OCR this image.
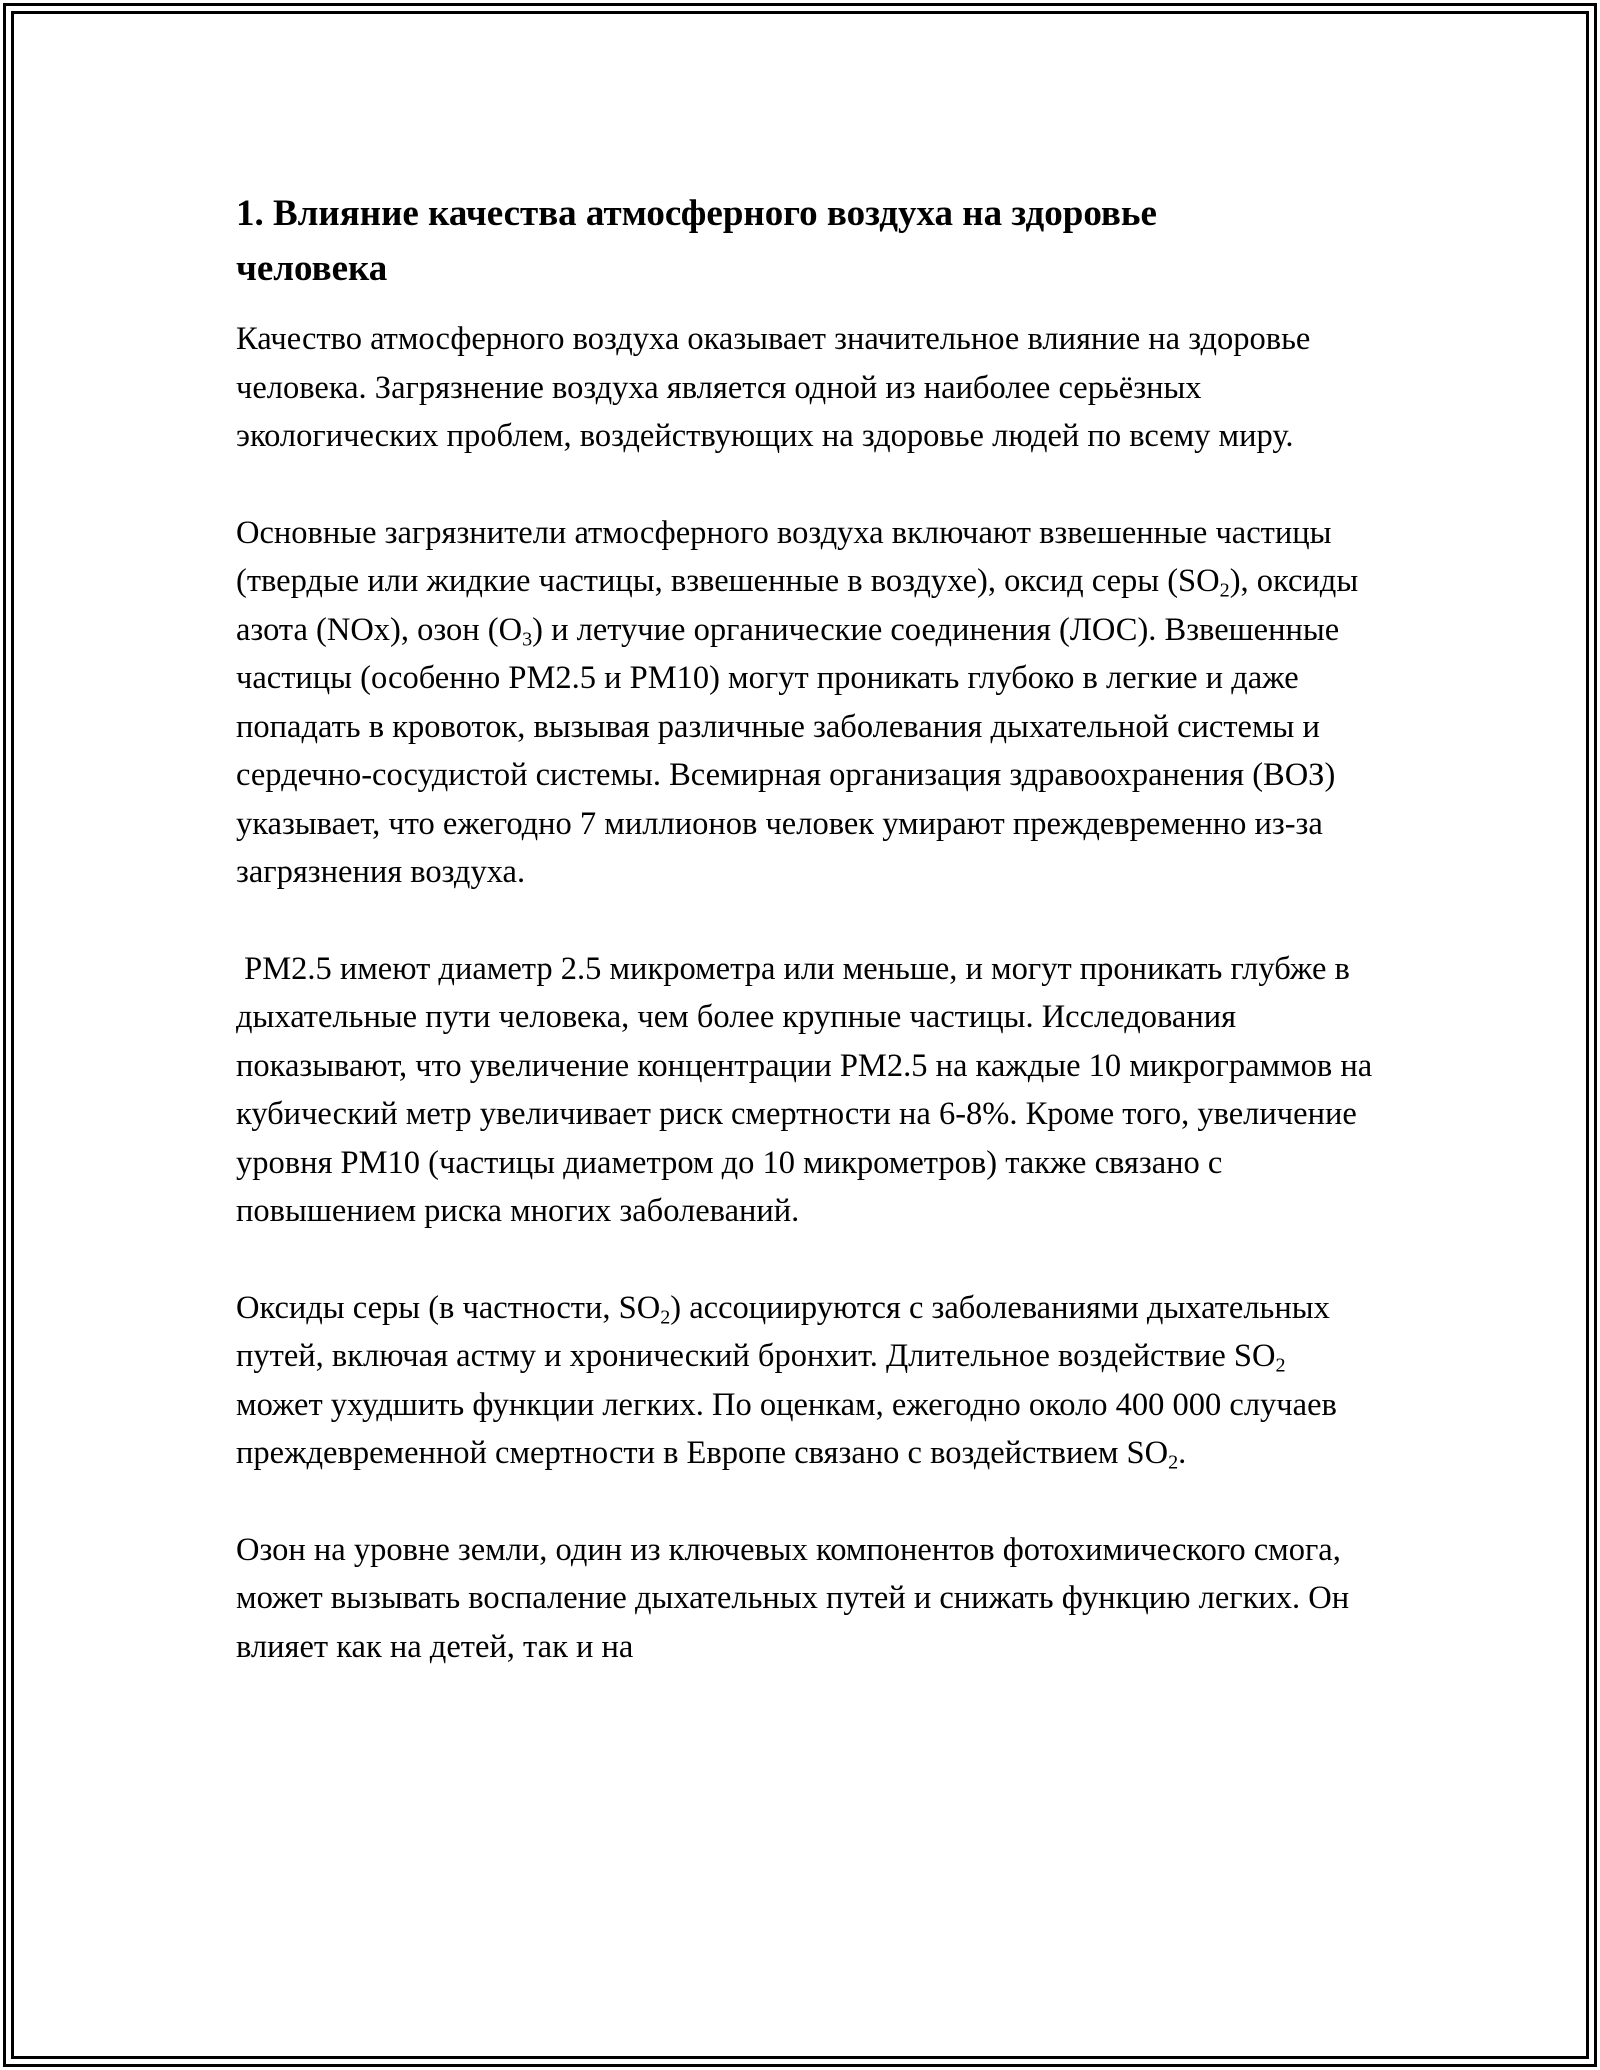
1. Влияние качества атмосферного воздуха на здоровье
человека

Качество атмосферного воздуха оказывает значительное влияние на здоровье человека. Загрязнение воздуха является одной из наиболее серьёзных экологических проблем, воздействующих на здоровье людей по всему миру.

Основные загрязнители атмосферного воздуха включают взвешенные частицы (твердые или жидкие частицы, взвешенные в воздухе), оксид серы $(SO_2)$, оксиды азота (NOx), озон $(O_3)$ и летучие органические соединения (ЛОС). Взвешенные частицы (особенно PM2.5 и PM10) могут проникать глубоко в легкие и даже попадать в кровоток, вызывая различные заболевания дыхательной системы и сердечно-сосудистой системы. Всемирная организация здравоохранения (ВОЗ) указывает, что ежегодно 7 миллионов человек умирают преждевременно из-за загрязнения воздуха.

PM2.5 имеют диаметр 2.5 микрометра или меньше, и могут проникать глубже в дыхательные пути человека, чем более крупные частицы. Исследования показывают, что увеличение концентрации PM2.5 на каждые 10 микрограммов на кубический метр увеличивает риск смертности на 6-8%. Кроме того, увеличение уровня PM10 (частицы диаметром до 10 микрометров) также связано с повышением риска многих заболеваний.

Оксиды серы (в частности, $SO_2$) ассоциируются с заболеваниями дыхательных путей, включая астму и хронический бронхит. Длительное воздействие $SO_2$ может ухудшить функции легких. По оценкам, ежегодно около 400 000 случаев преждевременной смертности в Европе связано с воздействием $SO_2$.

Озон на уровне земли, один из ключевых компонентов фотохимического смога, может вызывать воспаление дыхательных путей и снижать функцию легких. Он влияет как на детей, так и на
